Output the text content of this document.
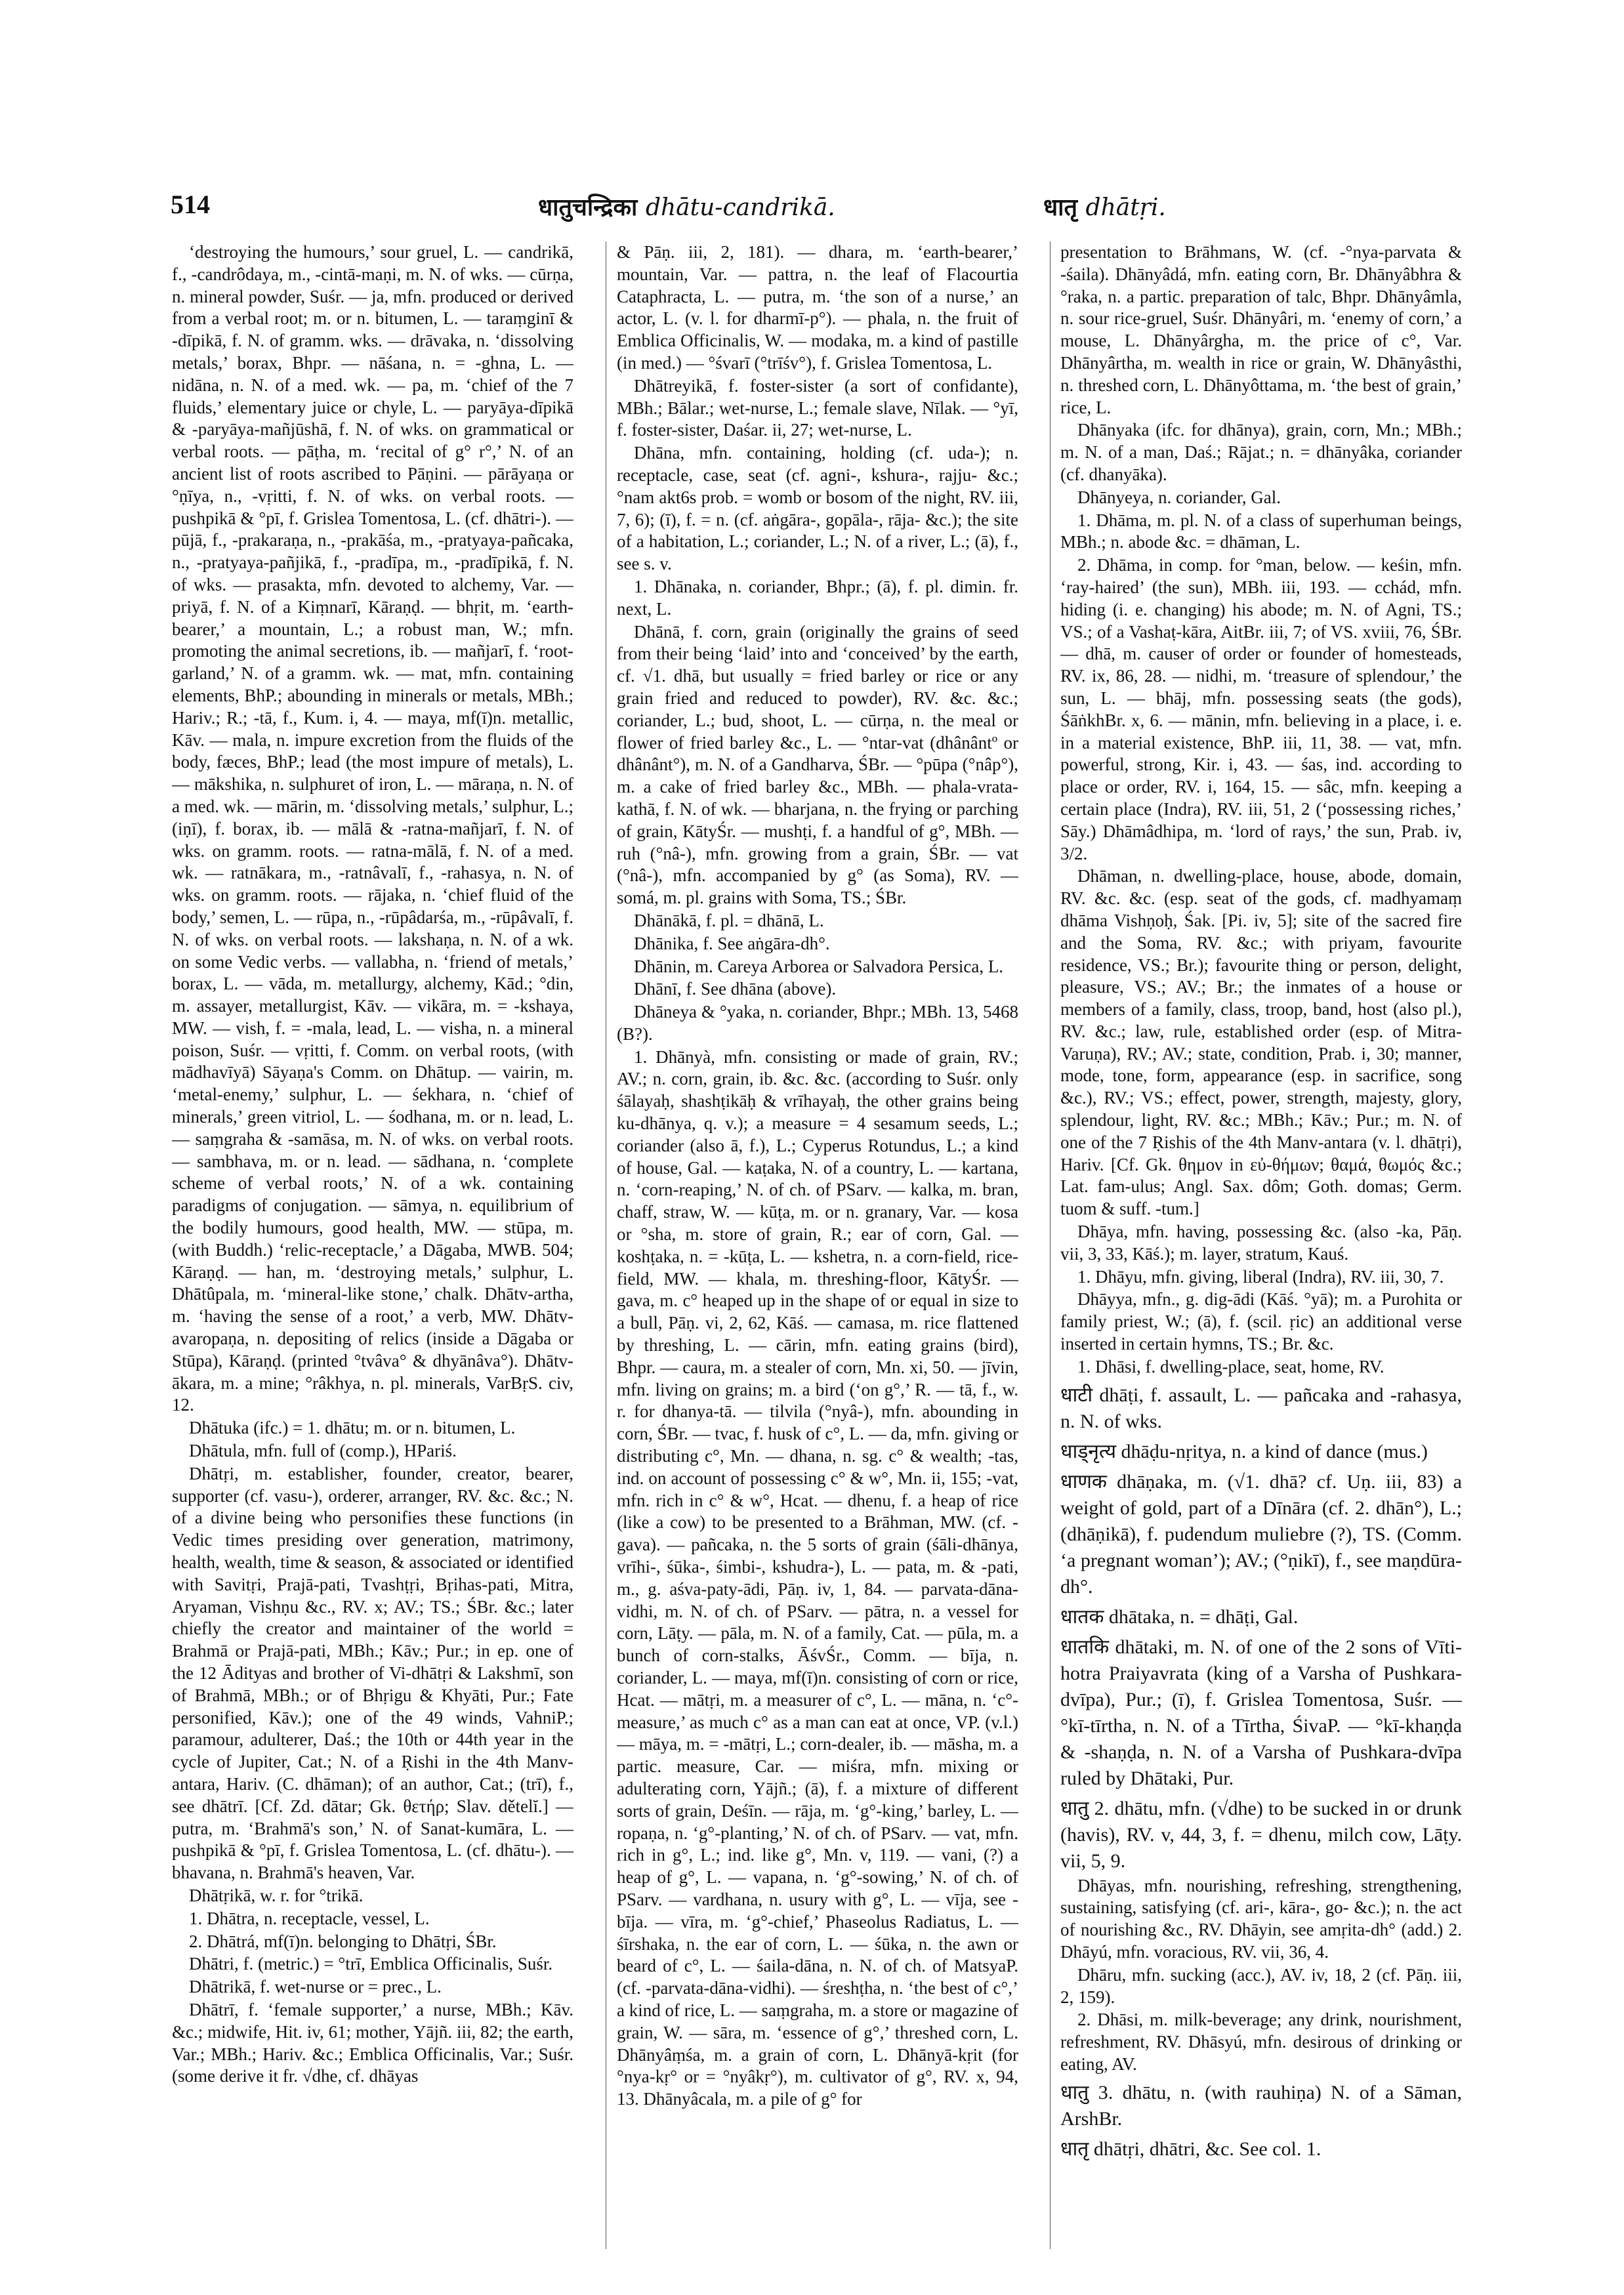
514	धातुचन्द्रिका dhātu-candrikā.	धातृ dhātṛi.

‘destroying the humours,’ sour gruel, L. — candrikā, f., -candrôdaya, m., -cintā-maṇi, m. N. of wks. — cūrṇa, n. mineral powder, Suśr. — ja, mfn. produced or derived from a verbal root; m. or n. bitumen, L. — taraṃginī & -dīpikā, f. N. of gramm. wks. — drāvaka, n. ‘dissolving metals,’ borax, Bhpr. — nāśana, n. = -ghna, L. — nidāna, n. N. of a med. wk. — pa, m. ‘chief of the 7 fluids,’ elementary juice or chyle, L. — paryāya-dīpikā & -paryāya-mañjūshā, f. N. of wks. on grammatical or verbal roots. — pāṭha, m. ‘recital of g° r°,’ N. of an ancient list of roots ascribed to Pāṇini. — pārāyaṇa or °ṇīya, n., -vṛitti, f. N. of wks. on verbal roots. — pushpikā & °pī, f. Grislea Tomentosa, L. (cf. dhātri-). — pūjā, f., -prakaraṇa, n., -prakāśa, m., -pratyaya-pañcaka, n., -pratyaya-pañjikā, f., -pradīpa, m., -pradīpikā, f. N. of wks. — prasakta, mfn. devoted to alchemy, Var. — priyā, f. N. of a Kiṃnarī, Kāraṇḍ. — bhṛit, m. ‘earth-bearer,’ a mountain, L.; a robust man, W.; mfn. promoting the animal secretions, ib. — mañjarī, f. ‘root-garland,’ N. of a gramm. wk. — mat, mfn. containing elements, BhP.; abounding in minerals or metals, MBh.; Hariv.; R.; -tā, f., Kum. i, 4. — maya, mf(ī)n. metallic, Kāv. — mala, n. impure excretion from the fluids of the body, fæces, BhP.; lead (the most impure of metals), L. — mākshika, n. sulphuret of iron, L. — māraṇa, n. N. of a med. wk. — mārin, m. ‘dissolving metals,’ sulphur, L.; (iṇī), f. borax, ib. — mālā & -ratna-mañjarī, f. N. of wks. on gramm. roots. — ratna-mālā, f. N. of a med. wk. — ratnākara, m., -ratnâvalī, f., -rahasya, n. N. of wks. on gramm. roots. — rājaka, n. ‘chief fluid of the body,’ semen, L. — rūpa, n., -rūpâdarśa, m., -rūpâvalī, f. N. of wks. on verbal roots. — lakshaṇa, n. N. of a wk. on some Vedic verbs. — vallabha, n. ‘friend of metals,’ borax, L. — vāda, m. metallurgy, alchemy, Kād.; °din, m. assayer, metallurgist, Kāv. — vikāra, m. = -kshaya, MW. — vish, f. = -mala, lead, L. — visha, n. a mineral poison, Suśr. — vṛitti, f. Comm. on verbal roots, (with mādhavīyā) Sāyaṇa's Comm. on Dhātup. — vairin, m. ‘metal-enemy,’ sulphur, L. — śekhara, n. ‘chief of minerals,’ green vitriol, L. — śodhana, m. or n. lead, L. — saṃgraha & -samāsa, m. N. of wks. on verbal roots. — sambhava, m. or n. lead. — sādhana, n. ‘complete scheme of verbal roots,’ N. of a wk. containing paradigms of conjugation. — sāmya, n. equilibrium of the bodily humours, good health, MW. — stūpa, m. (with Buddh.) ‘relic-receptacle,’ a Dāgaba, MWB. 504; Kāraṇḍ. — han, m. ‘destroying metals,’ sulphur, L. Dhātûpala, m. ‘mineral-like stone,’ chalk. Dhātv-artha, m. ‘having the sense of a root,’ a verb, MW. Dhātv-avaropaṇa, n. depositing of relics (inside a Dāgaba or Stūpa), Kāraṇḍ. (printed °tvâva° & dhyānâva°). Dhātv-ākara, m. a mine; °râkhya, n. pl. minerals, VarBṛS. civ, 12.

Dhātuka (ifc.) = 1. dhātu; m. or n. bitumen, L.

Dhātula, mfn. full of (comp.), HPariś.

Dhātṛi, m. establisher, founder, creator, bearer, supporter (cf. vasu-), orderer, arranger, RV. &c. &c.; N. of a divine being who personifies these functions (in Vedic times presiding over generation, matrimony, health, wealth, time & season, & associated or identified with Savitṛi, Prajā-pati, Tvashṭṛi, Bṛihas-pati, Mitra, Aryaman, Vishṇu &c., RV. x; AV.; TS.; ŚBr. &c.; later chiefly the creator and maintainer of the world = Brahmā or Prajā-pati, MBh.; Kāv.; Pur.; in ep. one of the 12 Ādityas and brother of Vi-dhātṛi & Lakshmī, son of Brahmā, MBh.; or of Bhṛigu & Khyāti, Pur.; Fate personified, Kāv.); one of the 49 winds, VahniP.; paramour, adulterer, Daś.; the 10th or 44th year in the cycle of Jupiter, Cat.; N. of a Ṛishi in the 4th Manv-antara, Hariv. (C. dhāman); of an author, Cat.; (trī), f., see dhātrī. [Cf. Zd. dātar; Gk. θετήρ; Slav. dětelĭ.] — putra, m. ‘Brahmā's son,’ N. of Sanat-kumāra, L. — pushpikā & °pī, f. Grislea Tomentosa, L. (cf. dhātu-). — bhavana, n. Brahmā's heaven, Var.

Dhātṛikā, w. r. for °trikā.

1. Dhātra, n. receptacle, vessel, L.

2. Dhātrá, mf(ī)n. belonging to Dhātṛi, ŚBr.

Dhātri, f. (metric.) = °trī, Emblica Officinalis, Suśr.

Dhātrikā, f. wet-nurse or = prec., L.

Dhātrī, f. ‘female supporter,’ a nurse, MBh.; Kāv. &c.; midwife, Hit. iv, 61; mother, Yājñ. iii, 82; the earth, Var.; MBh.; Hariv. &c.; Emblica Officinalis, Var.; Suśr. (some derive it fr. √dhe, cf. dhāyas

& Pāṇ. iii, 2, 181). — dhara, m. ‘earth-bearer,’ mountain, Var. — pattra, n. the leaf of Flacourtia Cataphracta, L. — putra, m. ‘the son of a nurse,’ an actor, L. (v. l. for dharmī-p°). — phala, n. the fruit of Emblica Officinalis, W. — modaka, m. a kind of pastille (in med.) — °śvarī (°trīśv°), f. Grislea Tomentosa, L.

Dhātreyikā, f. foster-sister (a sort of confidante), MBh.; Bālar.; wet-nurse, L.; female slave, Nīlak. — °yī, f. foster-sister, Daśar. ii, 27; wet-nurse, L.

Dhāna, mfn. containing, holding (cf. uda-); n. receptacle, case, seat (cf. agni-, kshura-, rajju- &c.; °nam akt6s prob. = womb or bosom of the night, RV. iii, 7, 6); (ī), f. = n. (cf. aṅgāra-, gopāla-, rāja- &c.); the site of a habitation, L.; coriander, L.; N. of a river, L.; (ā), f., see s. v.

1. Dhānaka, n. coriander, Bhpr.; (ā), f. pl. dimin. fr. next, L.

Dhānā, f. corn, grain (originally the grains of seed from their being ‘laid’ into and ‘conceived’ by the earth, cf. √1. dhā, but usually = fried barley or rice or any grain fried and reduced to powder), RV. &c. &c.; coriander, L.; bud, shoot, L. — cūrṇa, n. the meal or flower of fried barley &c., L. — °ntar-vat (dhânântº or dhânânt°), m. N. of a Gandharva, ŚBr. — °pūpa (°nâp°), m. a cake of fried barley &c., MBh. — phala-vrata-kathā, f. N. of wk. — bharjana, n. the frying or parching of grain, KātyŚr. — mushṭi, f. a handful of g°, MBh. — ruh (°nâ-), mfn. growing from a grain, ŚBr. — vat (°nâ-), mfn. accompanied by g° (as Soma), RV. — somá, m. pl. grains with Soma, TS.; ŚBr.

Dhānākā, f. pl. = dhānā, L.

Dhānika, f. See aṅgāra-dh°.

Dhānin, m. Careya Arborea or Salvadora Persica, L.

Dhānī, f. See dhāna (above).

Dhāneya & °yaka, n. coriander, Bhpr.; MBh. 13, 5468 (B?).

1. Dhānyà, mfn. consisting or made of grain, RV.; AV.; n. corn, grain, ib. &c. &c. (according to Suśr. only śālayaḥ, shashṭikāḥ & vrīhayaḥ, the other grains being ku-dhānya, q. v.); a measure = 4 sesamum seeds, L.; coriander (also ā, f.), L.; Cyperus Rotundus, L.; a kind of house, Gal. — kaṭaka, N. of a country, L. — kartana, n. ‘corn-reaping,’ N. of ch. of PSarv. — kalka, m. bran, chaff, straw, W. — kūṭa, m. or n. granary, Var. — kosa or °sha, m. store of grain, R.; ear of corn, Gal. — koshṭaka, n. = -kūṭa, L. — kshetra, n. a corn-field, rice-field, MW. — khala, m. threshing-floor, KātyŚr. — gava, m. c° heaped up in the shape of or equal in size to a bull, Pāṇ. vi, 2, 62, Kāś. — camasa, m. rice flattened by threshing, L. — cārin, mfn. eating grains (bird), Bhpr. — caura, m. a stealer of corn, Mn. xi, 50. — jīvin, mfn. living on grains; m. a bird (‘on g°,’ R. — tā, f., w. r. for dhanya-tā. — tilvila (°nyâ-), mfn. abounding in corn, ŚBr. — tvac, f. husk of c°, L. — da, mfn. giving or distributing c°, Mn. — dhana, n. sg. c° & wealth; -tas, ind. on account of possessing c° & w°, Mn. ii, 155; -vat, mfn. rich in c° & w°, Hcat. — dhenu, f. a heap of rice (like a cow) to be presented to a Brāhman, MW. (cf. -gava). — pañcaka, n. the 5 sorts of grain (śāli-dhānya, vrīhi-, śūka-, śimbi-, kshudra-), L. — pata, m. & -pati, m., g. aśva-paty-ādi, Pāṇ. iv, 1, 84. — parvata-dāna-vidhi, m. N. of ch. of PSarv. — pātra, n. a vessel for corn, Lāṭy. — pāla, m. N. of a family, Cat. — pūla, m. a bunch of corn-stalks, ĀśvŚr., Comm. — bīja, n. coriander, L. — maya, mf(ī)n. consisting of corn or rice, Hcat. — mātṛi, m. a measurer of c°, L. — māna, n. ‘c°-measure,’ as much c° as a man can eat at once, VP. (v.l.) — māya, m. = -mātṛi, L.; corn-dealer, ib. — māsha, m. a partic. measure, Car. — miśra, mfn. mixing or adulterating corn, Yājñ.; (ā), f. a mixture of different sorts of grain, Deśīn. — rāja, m. ‘g°-king,’ barley, L. — ropaṇa, n. ‘g°-planting,’ N. of ch. of PSarv. — vat, mfn. rich in g°, L.; ind. like g°, Mn. v, 119. — vani, (?) a heap of g°, L. — vapana, n. ‘g°-sowing,’ N. of ch. of PSarv. — vardhana, n. usury with g°, L. — vīja, see -bīja. — vīra, m. ‘g°-chief,’ Phaseolus Radiatus, L. — śīrshaka, n. the ear of corn, L. — śūka, n. the awn or beard of c°, L. — śaila-dāna, n. N. of ch. of MatsyaP. (cf. -parvata-dāna-vidhi). — śreshṭha, n. ‘the best of c°,’ a kind of rice, L. — saṃgraha, m. a store or magazine of grain, W. — sāra, m. ‘essence of g°,’ threshed corn, L. Dhānyâṃśa, m. a grain of corn, L. Dhānyā-kṛit (for °nya-kṛ° or = °nyâkṛ°), m. cultivator of g°, RV. x, 94, 13. Dhānyâcala, m. a pile of g° for

presentation to Brāhmans, W. (cf. -°nya-parvata & -śaila). Dhānyâdá, mfn. eating corn, Br. Dhānyâbhra & °raka, n. a partic. preparation of talc, Bhpr. Dhānyâmla, n. sour rice-gruel, Suśr. Dhānyâri, m. ‘enemy of corn,’ a mouse, L. Dhānyârgha, m. the price of c°, Var. Dhānyârtha, m. wealth in rice or grain, W. Dhānyâsthi, n. threshed corn, L. Dhānyôttama, m. ‘the best of grain,’ rice, L.

Dhānyaka (ifc. for dhānya), grain, corn, Mn.; MBh.; m. N. of a man, Daś.; Rājat.; n. = dhānyâka, coriander (cf. dhanyāka).

Dhānyeya, n. coriander, Gal.

1. Dhāma, m. pl. N. of a class of superhuman beings, MBh.; n. abode &c. = dhāman, L.

2. Dhāma, in comp. for °man, below. — keśin, mfn. ‘ray-haired’ (the sun), MBh. iii, 193. — cchád, mfn. hiding (i. e. changing) his abode; m. N. of Agni, TS.; VS.; of a Vashaṭ-kāra, AitBr. iii, 7; of VS. xviii, 76, ŚBr. — dhā, m. causer of order or founder of homesteads, RV. ix, 86, 28. — nidhi, m. ‘treasure of splendour,’ the sun, L. — bhāj, mfn. possessing seats (the gods), ŚāṅkhBr. x, 6. — mānin, mfn. believing in a place, i. e. in a material existence, BhP. iii, 11, 38. — vat, mfn. powerful, strong, Kir. i, 43. — śas, ind. according to place or order, RV. i, 164, 15. — sâc, mfn. keeping a certain place (Indra), RV. iii, 51, 2 (‘possessing riches,’ Sāy.) Dhāmâdhipa, m. ‘lord of rays,’ the sun, Prab. iv, 3/2.

Dhāman, n. dwelling-place, house, abode, domain, RV. &c. &c. (esp. seat of the gods, cf. madhyamaṃ dhāma Vishṇoḥ, Śak. [Pi. iv, 5]; site of the sacred fire and the Soma, RV. &c.; with priyam, favourite residence, VS.; Br.); favourite thing or person, delight, pleasure, VS.; AV.; Br.; the inmates of a house or members of a family, class, troop, band, host (also pl.), RV. &c.; law, rule, established order (esp. of Mitra-Varuṇa), RV.; AV.; state, condition, Prab. i, 30; manner, mode, tone, form, appearance (esp. in sacrifice, song &c.), RV.; VS.; effect, power, strength, majesty, glory, splendour, light, RV. &c.; MBh.; Kāv.; Pur.; m. N. of one of the 7 Ṛishis of the 4th Manv-antara (v. l. dhātṛi), Hariv. [Cf. Gk. θημον in εὐ-θήμων; θαμά, θωμός &c.; Lat. fam-ulus; Angl. Sax. dôm; Goth. domas; Germ. tuom & suff. -tum.]

Dhāya, mfn. having, possessing &c. (also -ka, Pāṇ. vii, 3, 33, Kāś.); m. layer, stratum, Kauś.

1. Dhāyu, mfn. giving, liberal (Indra), RV. iii, 30, 7.

Dhāyya, mfn., g. dig-ādi (Kāś. °yā); m. a Purohita or family priest, W.; (ā), f. (scil. ṛic) an additional verse inserted in certain hymns, TS.; Br. &c.

1. Dhāsi, f. dwelling-place, seat, home, RV.

धाटी dhāṭi, f. assault, L. — pañcaka and -rahasya, n. N. of wks.

धाड्नृत्य dhāḍu-nṛitya, n. a kind of dance (mus.)

धाणक dhāṇaka, m. (√1. dhā? cf. Uṇ. iii, 83) a weight of gold, part of a Dīnāra (cf. 2. dhān°), L.; (dhāṇikā), f. pudendum muliebre (?), TS. (Comm. ‘a pregnant woman’); AV.; (°ṇikī), f., see maṇdūra-dh°.

धातक dhātaka, n. = dhāṭi, Gal.

धातकि dhātaki, m. N. of one of the 2 sons of Vīti-hotra Praiyavrata (king of a Varsha of Pushkara-dvīpa), Pur.; (ī), f. Grislea Tomentosa, Suśr. — °kī-tīrtha, n. N. of a Tīrtha, ŚivaP. — °kī-khaṇḍa & -shaṇḍa, n. N. of a Varsha of Pushkara-dvīpa ruled by Dhātaki, Pur.

धातु 2. dhātu, mfn. (√dhe) to be sucked in or drunk (havis), RV. v, 44, 3, f. = dhenu, milch cow, Lāṭy. vii, 5, 9.

Dhāyas, mfn. nourishing, refreshing, strengthening, sustaining, satisfying (cf. ari-, kāra-, go- &c.); n. the act of nourishing &c., RV. Dhāyin, see amṛita-dh° (add.) 2. Dhāyú, mfn. voracious, RV. vii, 36, 4.

Dhāru, mfn. sucking (acc.), AV. iv, 18, 2 (cf. Pāṇ. iii, 2, 159).

2. Dhāsi, m. milk-beverage; any drink, nourishment, refreshment, RV. Dhāsyú, mfn. desirous of drinking or eating, AV.

धातु 3. dhātu, n. (with rauhiṇa) N. of a Sāman, ArshBr.

धातृ dhātṛi, dhātri, &c. See col. 1.
